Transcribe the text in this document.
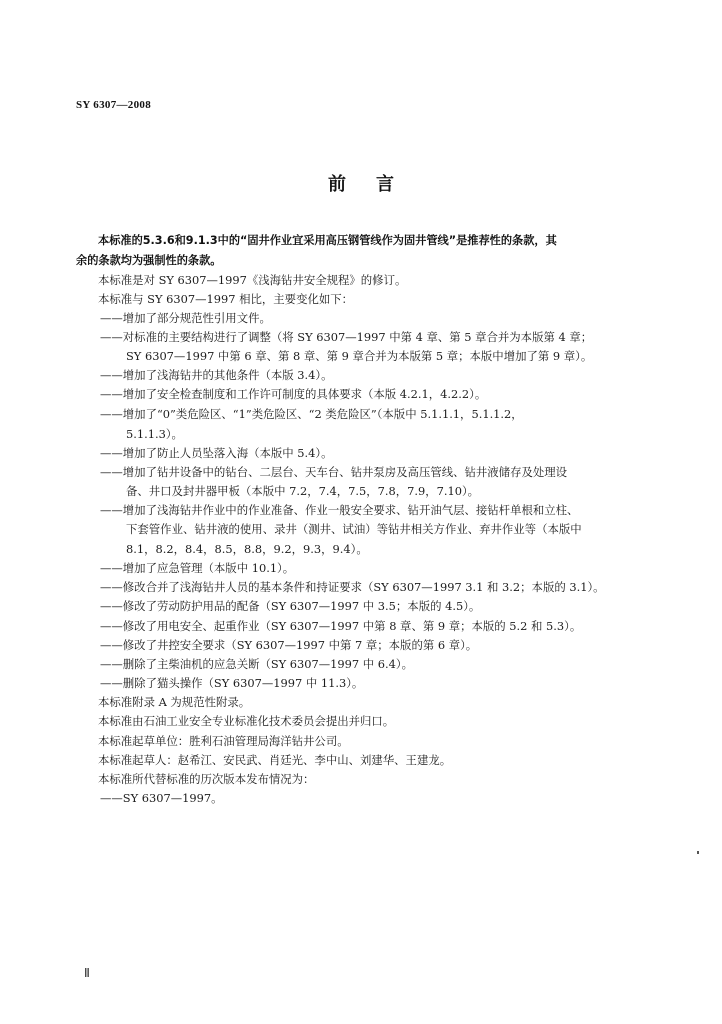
SY 6307—2008
前言
本标准的5.3.6和9.1.3中的“固井作业宜采用高压钢管线作为固井管线”是推荐性的条款，其
余的条款均为强制性的条款。
本标准是对 SY 6307—1997《浅海钻井安全规程》的修订。
本标准与 SY 6307—1997 相比，主要变化如下：
——增加了部分规范性引用文件。
——对标准的主要结构进行了调整（将 SY 6307—1997 中第 4 章、第 5 章合并为本版第 4 章；
SY 6307—1997 中第 6 章、第 8 章、第 9 章合并为本版第 5 章；本版中增加了第 9 章）。
——增加了浅海钻井的其他条件（本版 3.4）。
——增加了安全检查制度和工作许可制度的具体要求（本版 4.2.1，4.2.2）。
——增加了“0”类危险区、“1”类危险区、“2 类危险区”（本版中 5.1.1.1，5.1.1.2，
5.1.1.3）。
——增加了防止人员坠落入海（本版中 5.4）。
——增加了钻井设备中的钻台、二层台、天车台、钻井泵房及高压管线、钻井液储存及处理设
备、井口及封井器甲板（本版中 7.2，7.4，7.5，7.8，7.9，7.10）。
——增加了浅海钻井作业中的作业准备、作业一般安全要求、钻开油气层、接钻杆单根和立柱、
下套管作业、钻井液的使用、录井（测井、试油）等钻井相关方作业、弃井作业等（本版中
8.1，8.2，8.4，8.5，8.8，9.2，9.3，9.4）。
——增加了应急管理（本版中 10.1）。
——修改合并了浅海钻井人员的基本条件和持证要求（SY 6307—1997 3.1 和 3.2；本版的 3.1）。
——修改了劳动防护用品的配备（SY 6307—1997 中 3.5；本版的 4.5）。
——修改了用电安全、起重作业（SY 6307—1997 中第 8 章、第 9 章；本版的 5.2 和 5.3）。
——修改了井控安全要求（SY 6307—1997 中第 7 章；本版的第 6 章）。
——删除了主柴油机的应急关断（SY 6307—1997 中 6.4）。
——删除了猫头操作（SY 6307—1997 中 11.3）。
本标准附录 A 为规范性附录。
本标准由石油工业安全专业标准化技术委员会提出并归口。
本标准起草单位：胜利石油管理局海洋钻井公司。
本标准起草人：赵希江、安民武、肖廷光、李中山、刘建华、王建龙。
本标准所代替标准的历次版本发布情况为：
——SY 6307—1997。
Ⅱ
